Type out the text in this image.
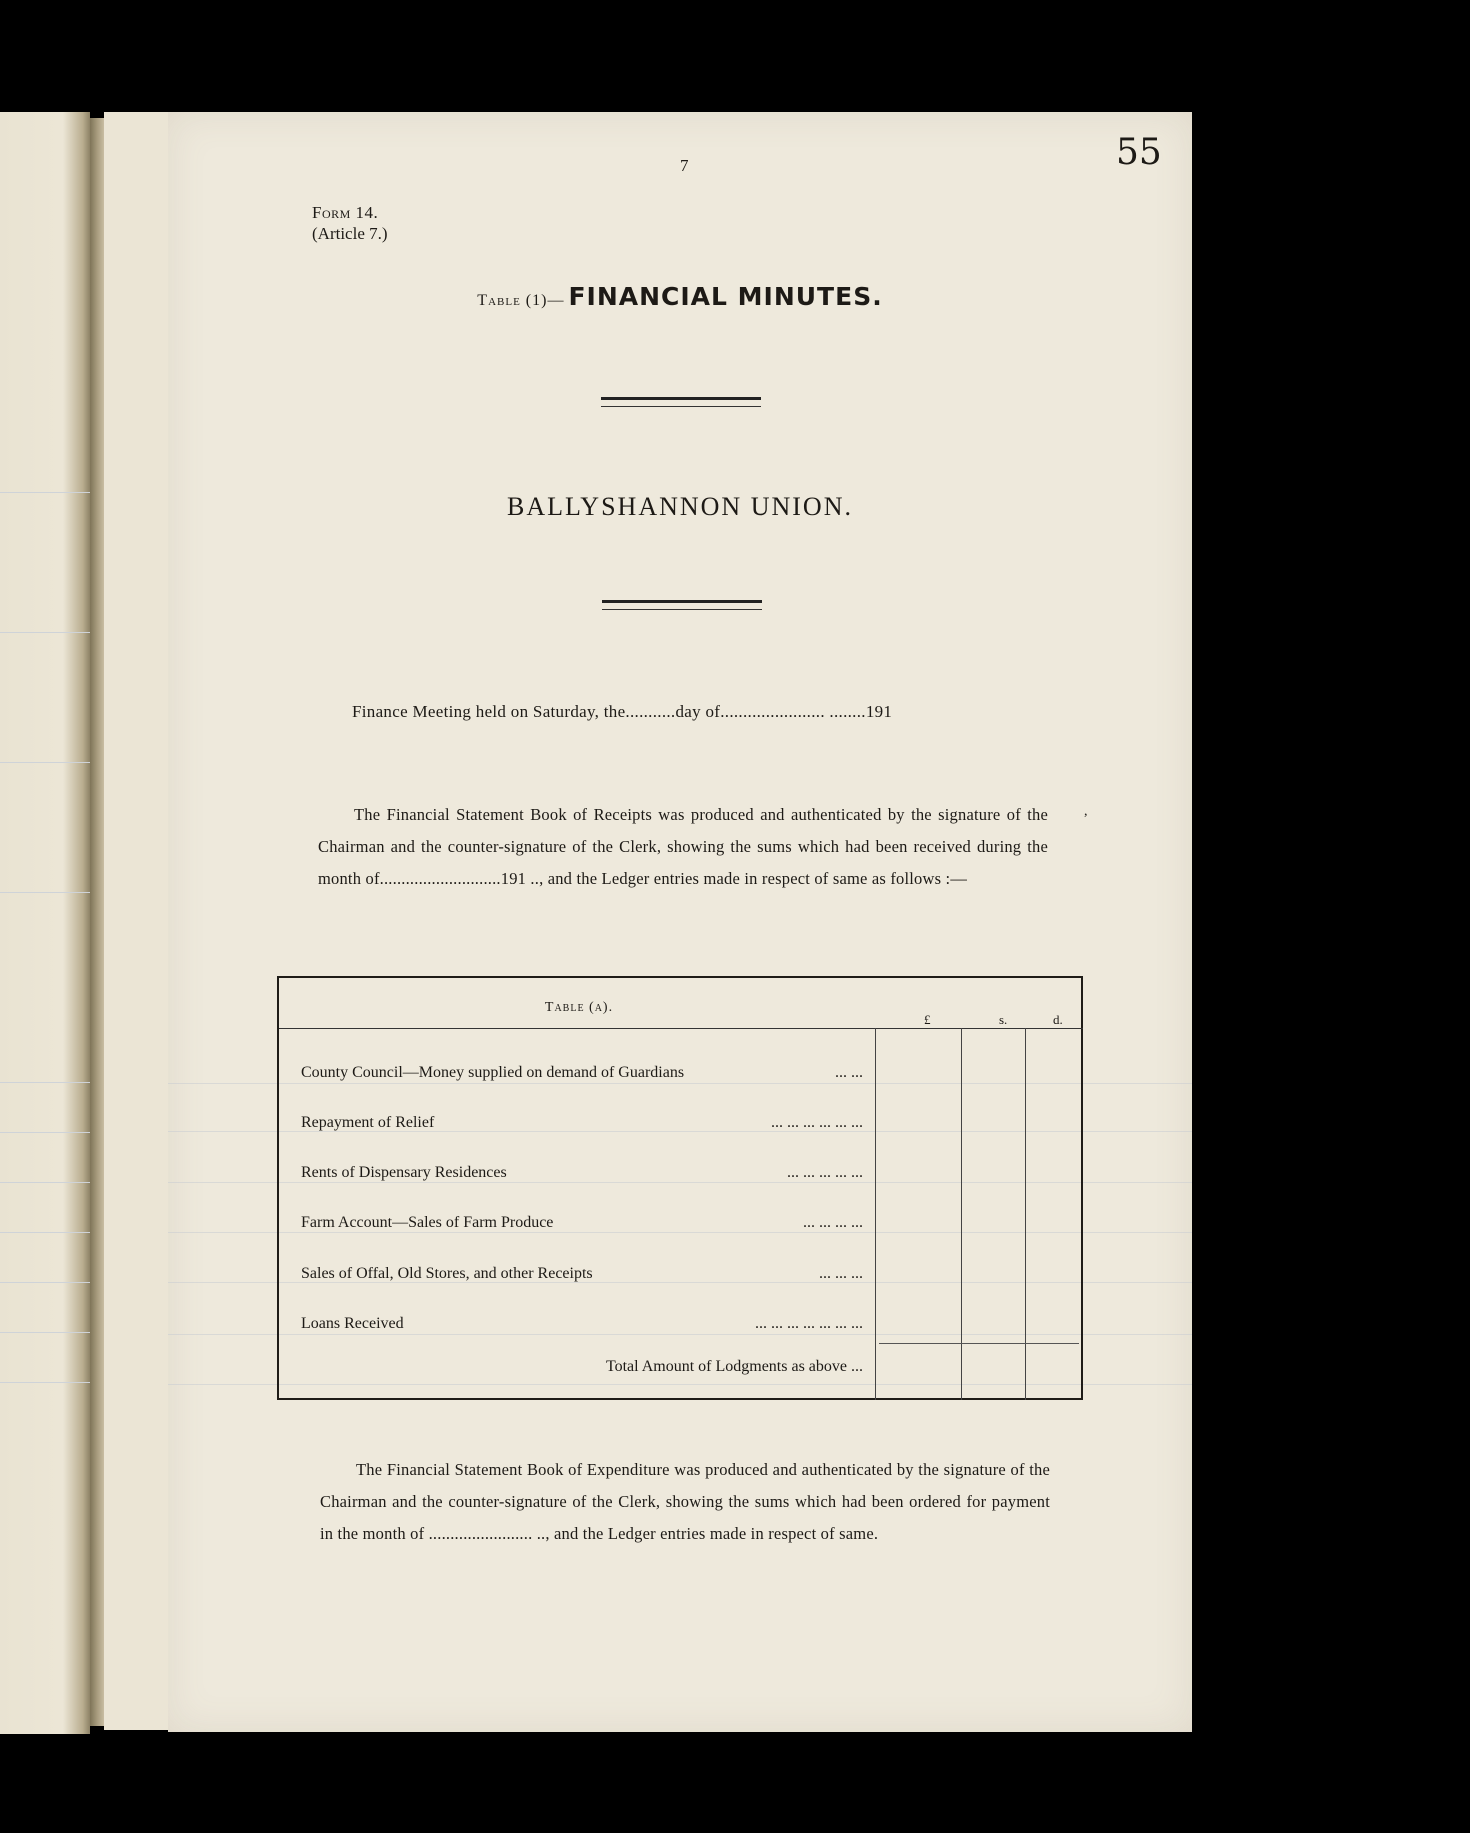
7	55
Form 14.
(Article 7.)
Table (1)— FINANCIAL MINUTES.
BALLYSHANNON UNION.
Finance Meeting held on Saturday, the...........day of....................... ........191

The Financial Statement Book of Receipts was produced and authenticated by the signature of the Chairman and the counter-signature of the Clerk, showing the sums which had been received during the month of............................191 .., and the Ledger entries made in respect of same as follows :—

,
Table (a).
£	s.	d.
County Council—Money supplied on demand of Guardians	... ...
Repayment of Relief	... ... ... ... ... ...
Rents of Dispensary Residences	... ... ... ... ...
Farm Account—Sales of Farm Produce	... ... ... ...
Sales of Offal, Old Stores, and other Receipts	... ... ...
Loans Received	... ... ... ... ... ... ...
Total Amount of Lodgments as above ...

The Financial Statement Book of Expenditure was produced and authenticated by the signature of the Chairman and the counter-signature of the Clerk, showing the sums which had been ordered for payment in the month of ........................ .., and the Ledger entries made in respect of same.
